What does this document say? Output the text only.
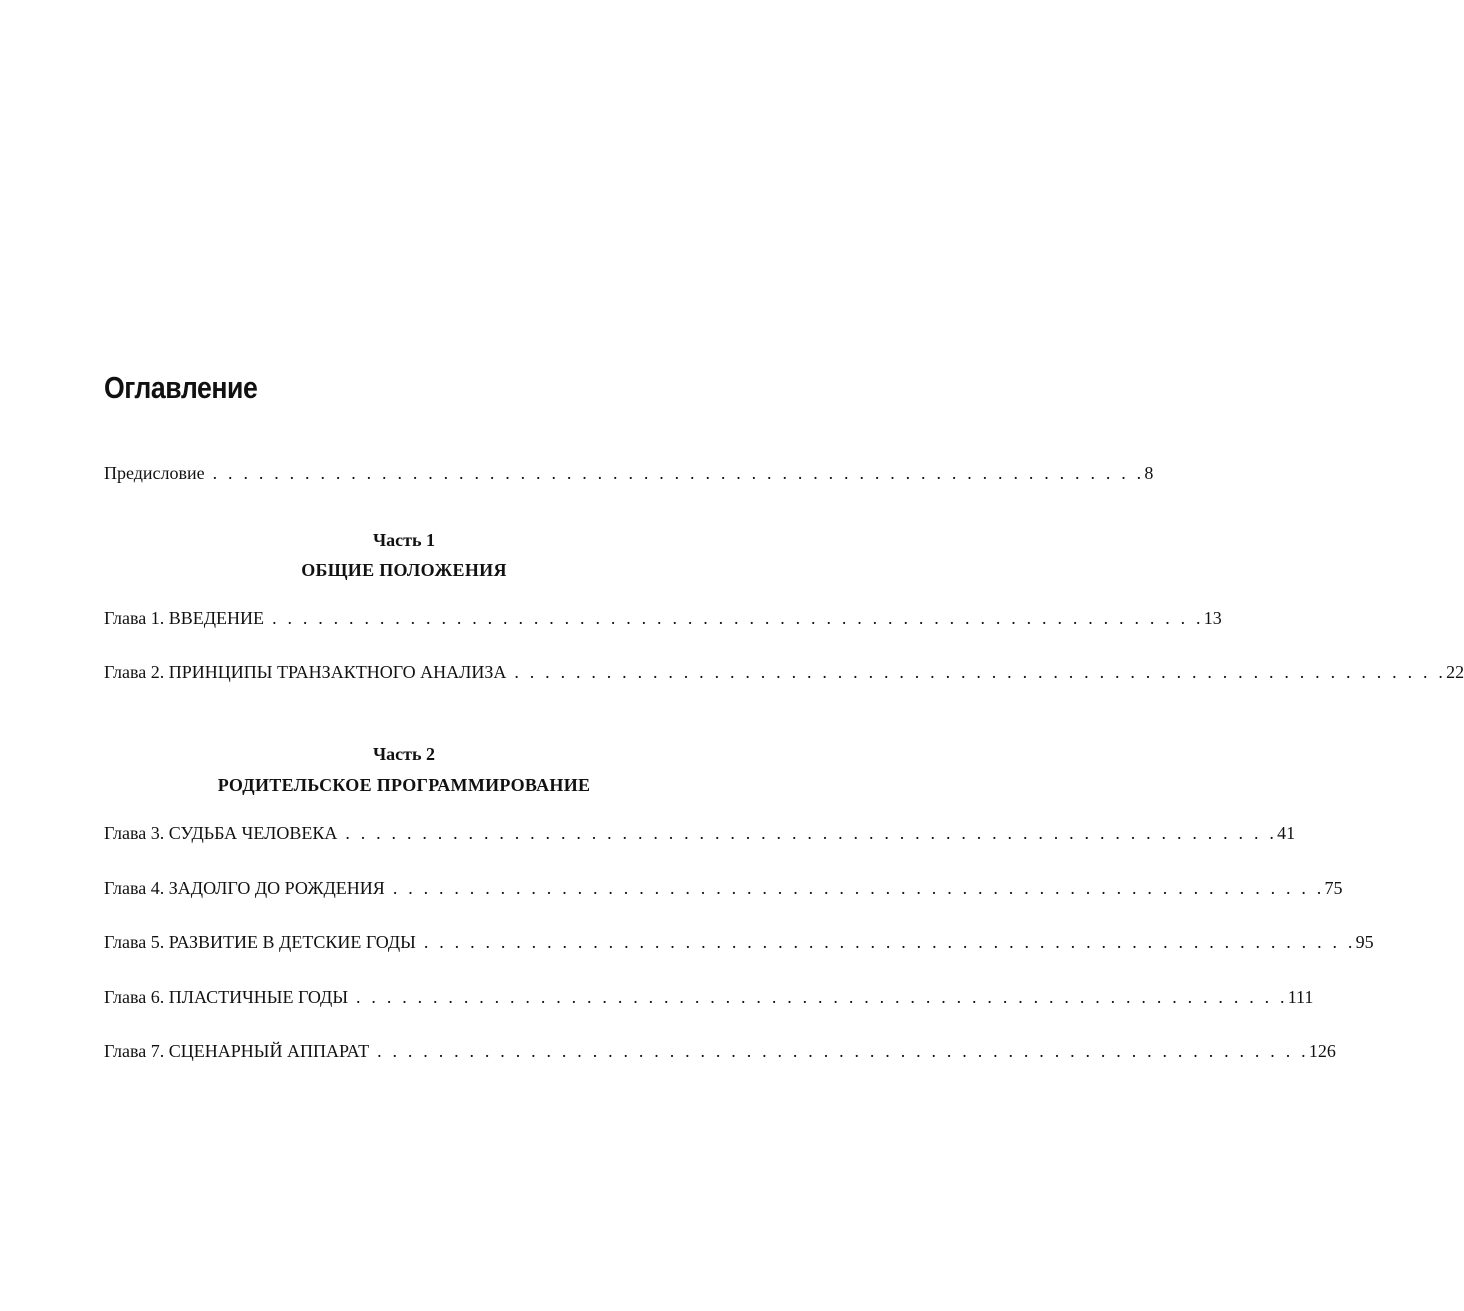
Оглавление
Предисловие . . . . . . . . . . . . . . . . . . . . . . . . . . . . . . . . . . . . . . . . . . . . . . . . . . . . . . . . . . . . . 8
Часть 1
ОБЩИЕ ПОЛОЖЕНИЯ
Глава 1. ВВЕДЕНИЕ . . . . . . . . . . . . . . . . . . . . . . . . . . . . . . . . . . . . . . . . . . . . . . . . . . . . . . . . . . . . . 13
Глава 2. ПРИНЦИПЫ ТРАНЗАКТНОГО АНАЛИЗА . . . . . . . . . . . . . . . . . . . . . . . . . . . . . . . . . . . . . . . . . . . . . . . . . . . . . . . . . . . . . 22
Часть 2
РОДИТЕЛЬСКОЕ ПРОГРАММИРОВАНИЕ
Глава 3. СУДЬБА ЧЕЛОВЕКА . . . . . . . . . . . . . . . . . . . . . . . . . . . . . . . . . . . . . . . . . . . . . . . . . . . . . . . . . . . . . 41
Глава 4. ЗАДОЛГО ДО РОЖДЕНИЯ . . . . . . . . . . . . . . . . . . . . . . . . . . . . . . . . . . . . . . . . . . . . . . . . . . . . . . . . . . . . . 75
Глава 5. РАЗВИТИЕ В ДЕТСКИЕ ГОДЫ . . . . . . . . . . . . . . . . . . . . . . . . . . . . . . . . . . . . . . . . . . . . . . . . . . . . . . . . . . . . . 95
Глава 6. ПЛАСТИЧНЫЕ ГОДЫ . . . . . . . . . . . . . . . . . . . . . . . . . . . . . . . . . . . . . . . . . . . . . . . . . . . . . . . . . . . . . 111
Глава 7. СЦЕНАРНЫЙ АППАРАТ . . . . . . . . . . . . . . . . . . . . . . . . . . . . . . . . . . . . . . . . . . . . . . . . . . . . . . . . . . . . . 126
